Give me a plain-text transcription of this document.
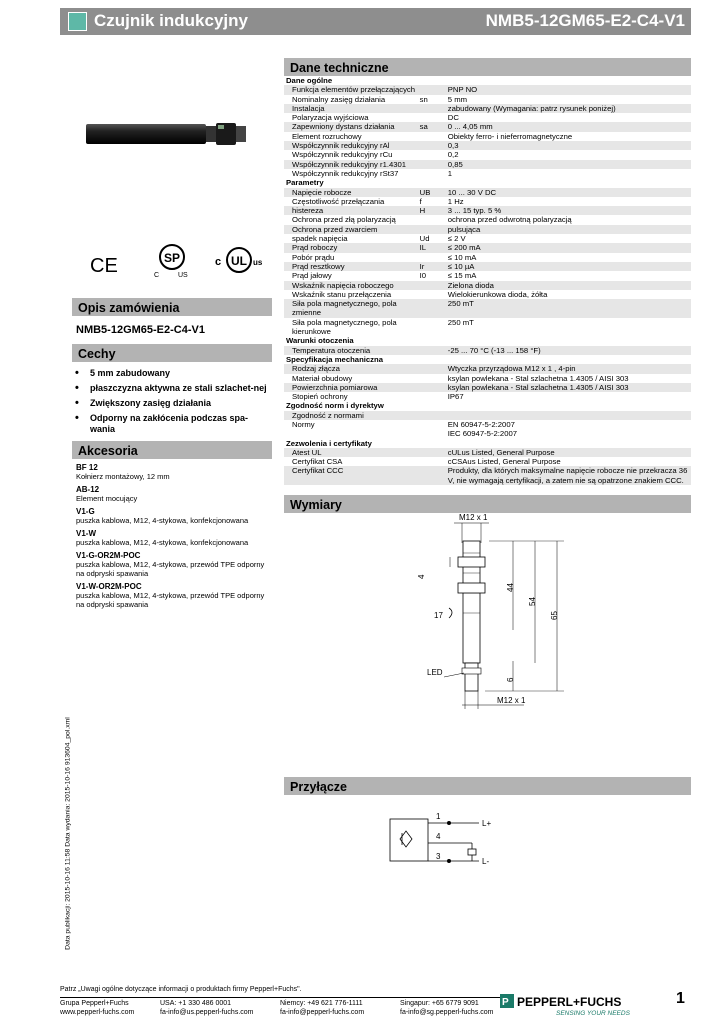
Czujnik indukcyjny	NMB5-12GM65-E2-C4-V1
CE	SP
C	US
c UL us
Opis zamówienia
NMB5-12GM65-E2-C4-V1
Cechy
• 5 mm zabudowany
• płaszczyzna aktywna ze stali szlachet-nej
• Zwiększony zasięg działania
• Odporny na zakłócenia podczas spa-wania
Akcesoria
BF 12
Kołnierz montażowy, 12 mm
AB-12
Element mocujący
V1-G
puszka kablowa, M12, 4-stykowa, konfekcjonowana
V1-W
puszka kablowa, M12, 4-stykowa, konfekcjonowana
V1-G-OR2M-POC
puszka kablowa, M12, 4-stykowa, przewód TPE odporny na odpryski spawania
V1-W-OR2M-POC
puszka kablowa, M12, 4-stykowa, przewód TPE odporny na odpryski spawania
Dane techniczne
Dane ogólne		
Funkcja elementów przełączających		PNP NO
Nominalny zasięg działania	sn	5 mm
Instalacja		zabudowany (Wymagania: patrz rysunek poniżej)
Polaryzacja wyjściowa		DC
Zapewniony dystans działania	sa	0 ... 4,05 mm
Element rozruchowy		Obiekty ferro- i nieferromagnetyczne
Współczynnik redukcyjny rAl		0,3
Współczynnik redukcyjny rCu		0,2
Współczynnik redukcyjny r1.4301		0,85
Współczynnik redukcyjny rSt37		1
Parametry		
Napięcie robocze	UB	10 ... 30 V DC
Częstotliwość przełączania	f	1 Hz
histereza	H	3 ... 15 typ. 5 %
Ochrona przed złą polaryzacją		ochrona przed odwrotną polaryzacją
Ochrona przed zwarciem		pulsująca
spadek napięcia	Ud	≤ 2 V
Prąd roboczy	IL	≤ 200 mA
Pobór prądu		≤ 10 mA
Prąd resztkowy	Ir	≤ 10 µA
Prąd jałowy	I0	≤ 15 mA
Wskaźnik napięcia roboczego		Zielona dioda
Wskaźnik stanu przełączenia		Wielokierunkowa dioda, żółta
Siła pola magnetycznego, pola zmienne		250 mT
Siła pola magnetycznego, pola kierunkowe		250 mT
Warunki otoczenia		
Temperatura otoczenia		-25 ... 70 °C (-13 ... 158 °F)
Specyfikacja mechaniczna		
Rodzaj złącza		Wtyczka przyrządowa M12 x 1 , 4-pin
Materiał obudowy		ksylan powlekana - Stal szlachetna 1.4305 / AISI 303
Powierzchnia pomiarowa		ksylan powlekana - Stal szlachetna 1.4305 / AISI 303
Stopień ochrony		IP67
Zgodność norm i dyrektyw		
Zgodność z normami		
Normy		EN 60947-5-2:2007
IEC 60947-5-2:2007
Zezwolenia i certyfikaty		
Atest UL		cULus Listed, General Purpose
Certyfikat CSA		cCSAus Listed, General Purpose
Certyfikat CCC		Produkty, dla których maksymalne napięcie robocze nie przekracza 36 V, nie wymagają certyfikacji, a zatem nie są opatrzone znakiem CCC.
Wymiary
M12 x 1
44
54
65
4
17
LED
6
M12 x 1
Przyłącze
1
4
3
L+
L-
Data publikacji: 2015-10-16 11:58 Data wydania: 2015-10-16 913604_pol.xml
Patrz „Uwagi ogólne dotyczące informacji o produktach firmy Pepperl+Fuchs".
Grupa Pepperl+Fuchs
www.pepperl-fuchs.com
USA: +1 330 486 0001
fa-info@us.pepperl-fuchs.com
Niemcy: +49 621 776-1111
fa-info@pepperl-fuchs.com
Singapur: +65 6779 9091
fa-info@sg.pepperl-fuchs.com
P PEPPERL+FUCHS
SENSING YOUR NEEDS
1
